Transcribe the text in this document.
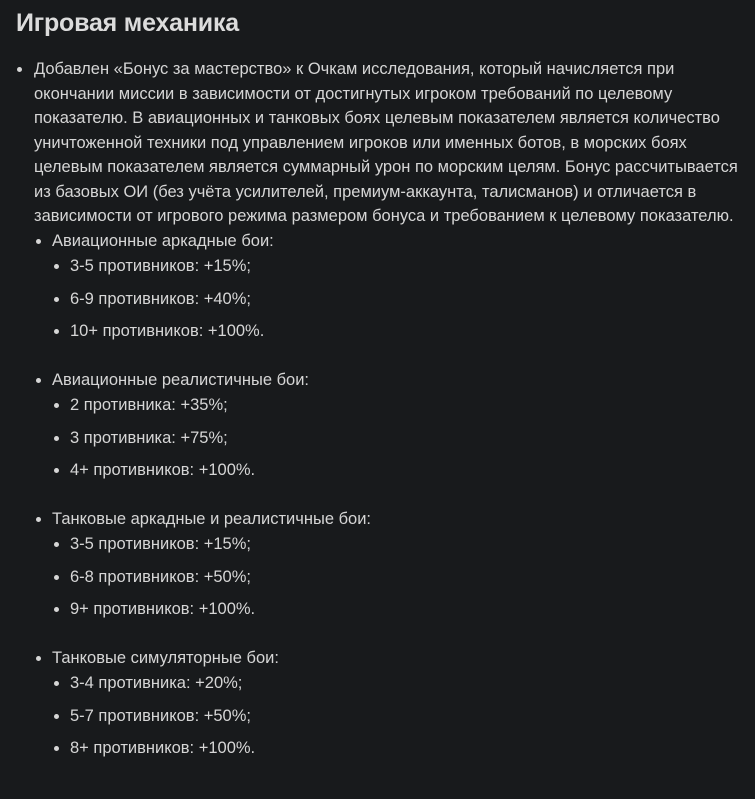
Игровая механика
Добавлен «Бонус за мастерство» к Очкам исследования, который начисляется при окончании миссии в зависимости от достигнутых игроком требований по целевому показателю. В авиационных и танковых боях целевым показателем является количество уничтоженной техники под управлением игроков или именных ботов, в морских боях целевым показателем является суммарный урон по морским целям. Бонус рассчитывается из базовых ОИ (без учёта усилителей, премиум-аккаунта, талисманов) и отличается в зависимости от игрового режима размером бонуса и требованием к целевому показателю.
Авиационные аркадные бои:
3-5 противников: +15%;
6-9 противников: +40%;
10+ противников: +100%.
Авиационные реалистичные бои:
2 противника: +35%;
3 противника: +75%;
4+ противников: +100%.
Танковые аркадные и реалистичные бои:
3-5 противников: +15%;
6-8 противников: +50%;
9+ противников: +100%.
Танковые симуляторные бои:
3-4 противника: +20%;
5-7 противников: +50%;
8+ противников: +100%.
